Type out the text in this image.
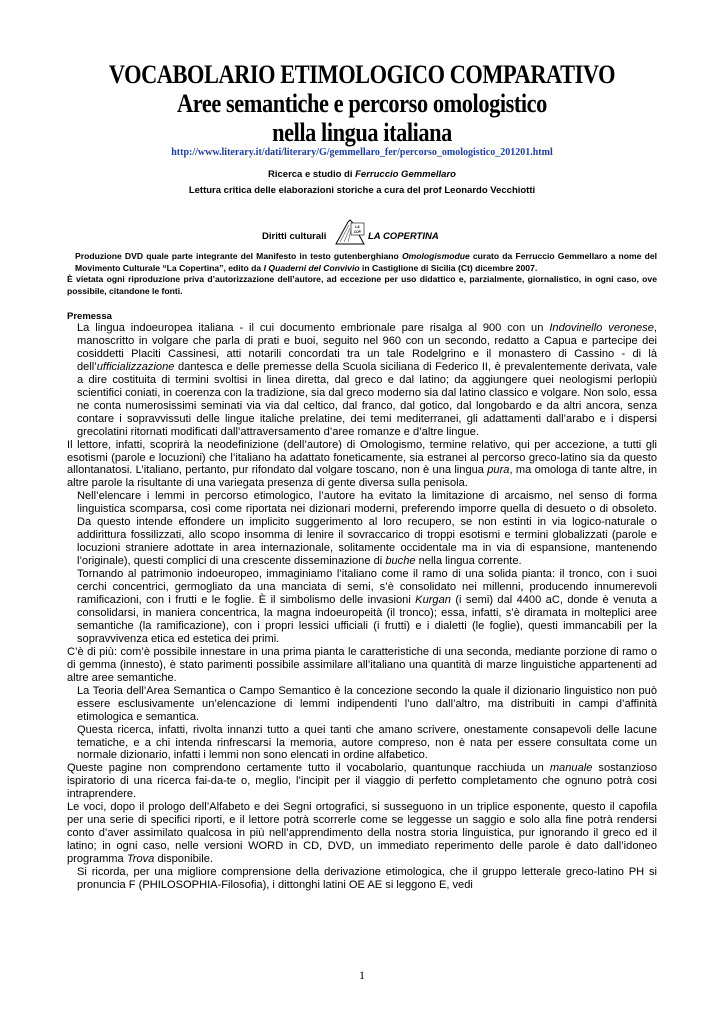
VOCABOLARIO ETIMOLOGICO COMPARATIVO
Aree semantiche e percorso omologistico
nella lingua italiana
http://www.literary.it/dati/literary/G/gemmellaro_fer/percorso_omologistico_201201.html
Ricerca e studio di Ferruccio Gemmellaro
Lettura critica delle elaborazioni storiche a cura del prof Leonardo Vecchiotti
Diritti culturali
LA
COP. LA COPERTINA
Produzione DVD quale parte integrante del Manifesto in testo gutenberghiano Omologismodue curato da Ferruccio Gemmellaro a nome del Movimento Culturale “La Copertina”, edito da I Quaderni del Convivio in Castiglione di Sicilia (Ct) dicembre 2007.
È vietata ogni riproduzione priva d’autorizzazione dell’autore, ad eccezione per uso didattico e, parzialmente, giornalistico, in ogni caso, ove possibile, citandone le fonti.
Premessa

La lingua indoeuropea italiana - il cui documento embrionale pare risalga al 900 con un Indovinello veronese, manoscritto in volgare che parla di prati e buoi, seguito nel 960 con un secondo, redatto a Capua e partecipe dei cosiddetti Placiti Cassinesi, atti notarili concordati tra un tale Rodelgrino e il monastero di Cassino - di là dell’ufficializzazione dantesca e delle premesse della Scuola siciliana di Federico II, è prevalentemente derivata, vale a dire costituita di termini svoltisi in linea diretta, dal greco e dal latino; da aggiungere quei neologismi perlopiù scientifici coniati, in coerenza con la tradizione, sia dal greco moderno sia dal latino classico e volgare. Non solo, essa ne conta numerosissimi seminati via via dal celtico, dal franco, dal gotico, dal longobardo e da altri ancora, senza contare i sopravvissuti delle lingue italiche prelatine, dei temi mediterranei, gli adattamenti dall’arabo e i dispersi grecolatini ritornati modificati dall’attraversamento d’aree romanze e d’altre lingue.

Il lettore, infatti, scoprirà la neodefinizione (dell’autore) di Omologismo, termine relativo, qui per accezione, a tutti gli esotismi (parole e locuzioni) che l’italiano ha adattato foneticamente, sia estranei al percorso greco-latino sia da questo allontanatosi. L’italiano, pertanto, pur rifondato dal volgare toscano, non è una lingua pura, ma omologa di tante altre, in altre parole la risultante di una variegata presenza di gente diversa sulla penisola.

Nell’elencare i lemmi in percorso etimologico, l’autore ha evitato la limitazione di arcaismo, nel senso di forma linguistica scomparsa, così come riportata nei dizionari moderni, preferendo imporre quella di desueto o di obsoleto. Da questo intende effondere un implicito suggerimento al loro recupero, se non estinti in via logico-naturale o addirittura fossilizzati, allo scopo insomma di lenire il sovraccarico di troppi esotismi e termini globalizzati (parole e locuzioni straniere adottate in area internazionale, solitamente occidentale ma in via di espansione, mantenendo l’originale), questi complici di una crescente disseminazione di buche nella lingua corrente.

Tornando al patrimonio indoeuropeo, immaginiamo l’italiano come il ramo di una solida pianta: il tronco, con i suoi cerchi concentrici, germogliato da una manciata di semi, s’è consolidato nei millenni, producendo innumerevoli ramificazioni, con i frutti e le foglie. È il simbolismo delle invasioni Kurgan (i semi) dal 4400 aC, donde è venuta a consolidarsi, in maniera concentrica, la magna indoeuropeità (il tronco); essa, infatti, s’è diramata in molteplici aree semantiche (la ramificazione), con i propri lessici ufficiali (i frutti) e i dialetti (le foglie), questi immancabili per la sopravvivenza etica ed estetica dei primi.

C’è di più: com’è possibile innestare in una prima pianta le caratteristiche di una seconda, mediante porzione di ramo o di gemma (innesto), è stato parimenti possibile assimilare all’italiano una quantità di marze linguistiche appartenenti ad altre aree semantiche.

La Teoria dell’Area Semantica o Campo Semantico è la concezione secondo la quale il dizionario linguistico non può essere esclusivamente un’elencazione di lemmi indipendenti l’uno dall’altro, ma distribuiti in campi d’affinità etimologica e semantica.

Questa ricerca, infatti, rivolta innanzi tutto a quei tanti che amano scrivere, onestamente consapevoli delle lacune tematiche, e a chi intenda rinfrescarsi la memoria, autore compreso, non è nata per essere consultata come un normale dizionario, infatti i lemmi non sono elencati in ordine alfabetico.

Queste pagine non comprendono certamente tutto il vocabolario, quantunque racchiuda un manuale sostanzioso ispiratorio di una ricerca fai-da-te o, meglio, l’incipit per il viaggio di perfetto completamento che ognuno potrà cosi intraprendere.

Le voci, dopo il prologo dell’Alfabeto e dei Segni ortografici, si susseguono in un triplice esponente, questo il capofila per una serie di specifici riporti, e il lettore potrà scorrerle come se leggesse un saggio e solo alla fine potrà rendersi conto d’aver assimilato qualcosa in più nell’apprendimento della nostra storia linguistica, pur ignorando il greco ed il latino; in ogni caso, nelle versioni WORD in CD, DVD, un immediato reperimento delle parole è dato dall’idoneo programma Trova disponibile.

Si ricorda, per una migliore comprensione della derivazione etimologica, che il gruppo letterale greco-latino PH si pronuncia F (PHILOSOPHIA-Filosofia), i dittonghi latini OE AE si leggono E, vedi

1
